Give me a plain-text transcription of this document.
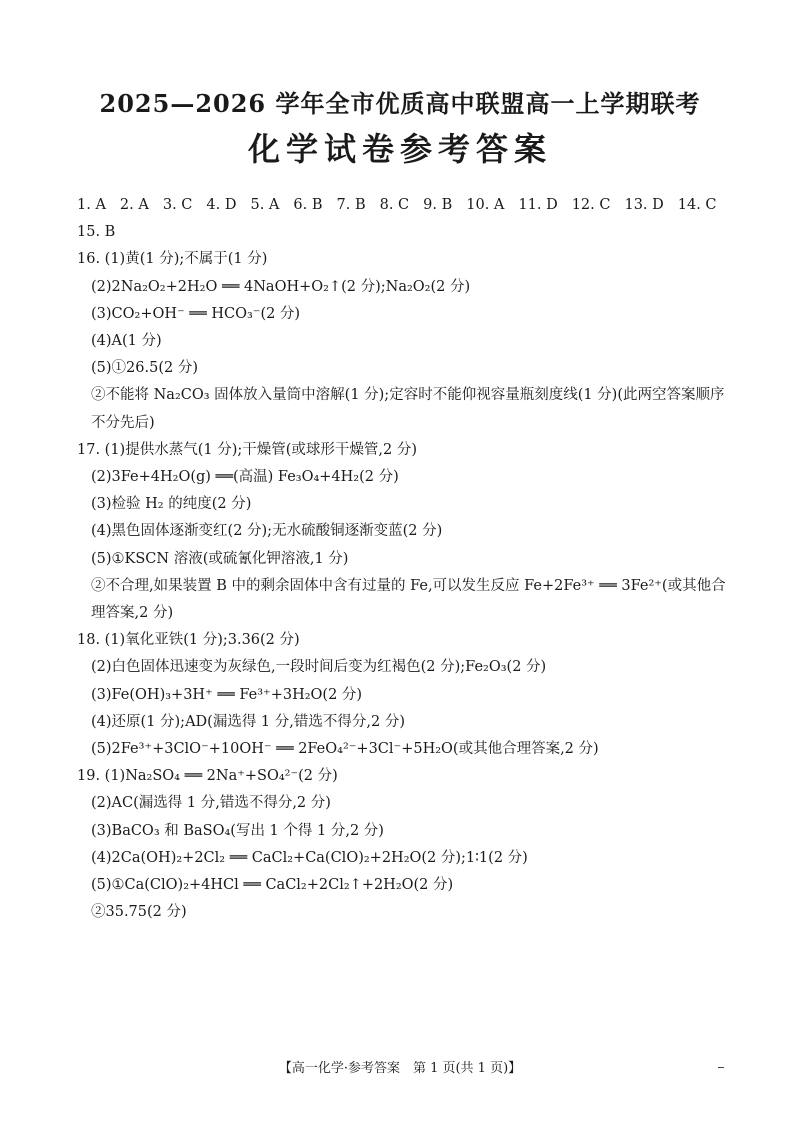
2025—2026 学年全市优质高中联盟高一上学期联考
化学试卷参考答案
1. A 2. A 3. C 4. D 5. A 6. B 7. B 8. C 9. B 10. A 11. D 12. C 13. D 14. C
15. B
16. (1)黄(1 分);不属于(1 分)
(2)2Na₂O₂+2H₂O ══ 4NaOH+O₂↑(2 分);Na₂O₂(2 分)
(3)CO₂+OH⁻ ══ HCO₃⁻(2 分)
(4)A(1 分)
(5)①26.5(2 分)
②不能将 Na₂CO₃ 固体放入量筒中溶解(1 分);定容时不能仰视容量瓶刻度线(1 分)(此两空答案顺序不分先后)
17. (1)提供水蒸气(1 分);干燥管(或球形干燥管,2 分)
(2)3Fe+4H₂O(g) ══(高温) Fe₃O₄+4H₂(2 分)
(3)检验 H₂ 的纯度(2 分)
(4)黑色固体逐渐变红(2 分);无水硫酸铜逐渐变蓝(2 分)
(5)①KSCN 溶液(或硫氰化钾溶液,1 分)
②不合理,如果装置 B 中的剩余固体中含有过量的 Fe,可以发生反应 Fe+2Fe³⁺ ══ 3Fe²⁺(或其他合理答案,2 分)
18. (1)氧化亚铁(1 分);3.36(2 分)
(2)白色固体迅速变为灰绿色,一段时间后变为红褐色(2 分);Fe₂O₃(2 分)
(3)Fe(OH)₃+3H⁺ ══ Fe³⁺+3H₂O(2 分)
(4)还原(1 分);AD(漏选得 1 分,错选不得分,2 分)
(5)2Fe³⁺+3ClO⁻+10OH⁻ ══ 2FeO₄²⁻+3Cl⁻+5H₂O(或其他合理答案,2 分)
19. (1)Na₂SO₄ ══ 2Na⁺+SO₄²⁻(2 分)
(2)AC(漏选得 1 分,错选不得分,2 分)
(3)BaCO₃ 和 BaSO₄(写出 1 个得 1 分,2 分)
(4)2Ca(OH)₂+2Cl₂ ══ CaCl₂+Ca(ClO)₂+2H₂O(2 分);1∶1(2 分)
(5)①Ca(ClO)₂+4HCl ══ CaCl₂+2Cl₂↑+2H₂O(2 分)
②35.75(2 分)
【高一化学·参考答案　第 1 页(共 1 页)】
